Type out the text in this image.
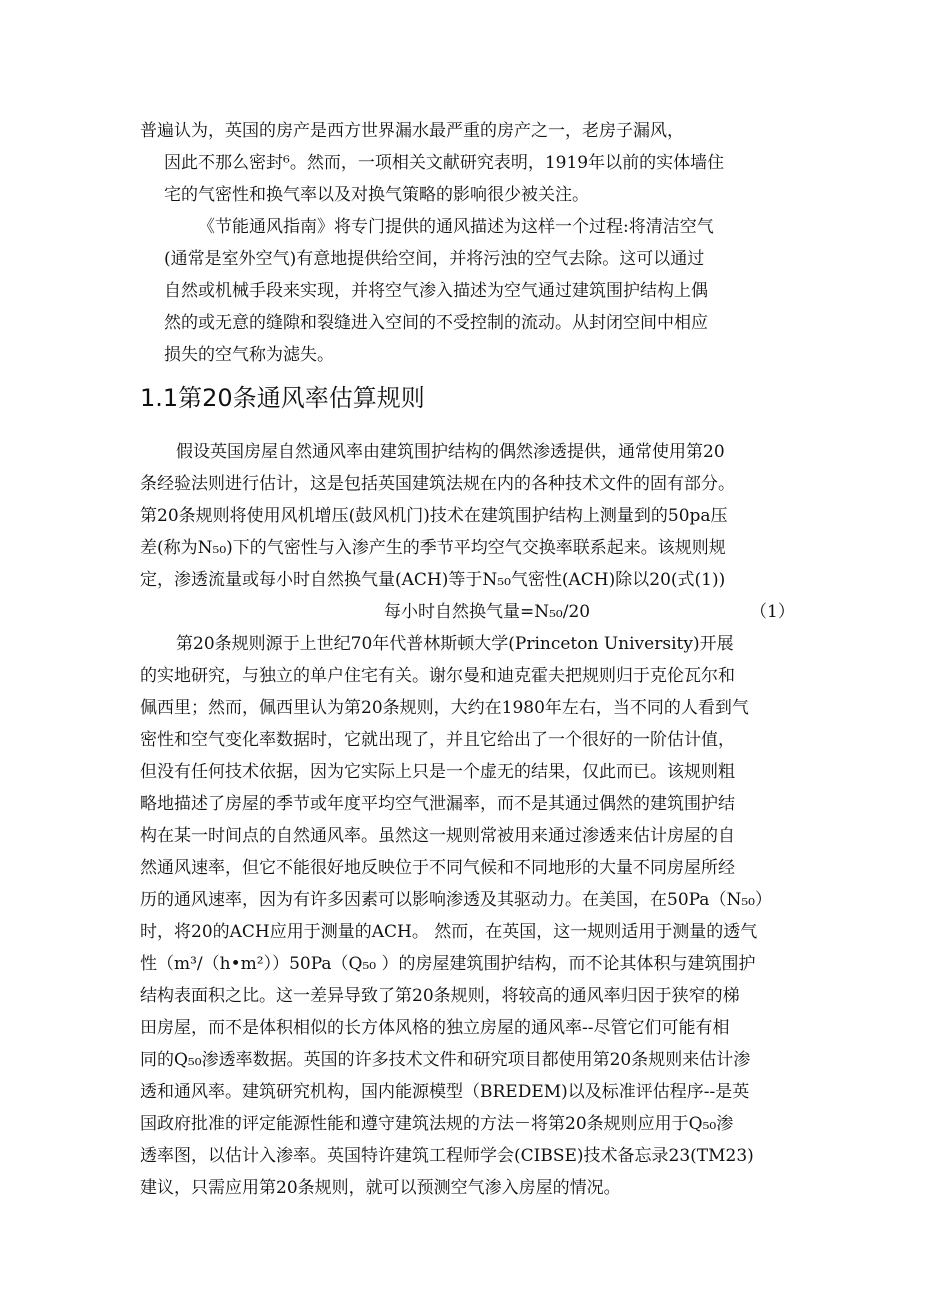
普遍认为，英国的房产是西方世界漏水最严重的房产之一，老房子漏风，
因此不那么密封⁶。然而，一项相关文献研究表明，1919年以前的实体墙住
宅的气密性和换气率以及对换气策略的影响很少被关注。
《节能通风指南》将专门提供的通风描述为这样一个过程:将清洁空气
(通常是室外空气)有意地提供给空间，并将污浊的空气去除。这可以通过
自然或机械手段来实现，并将空气渗入描述为空气通过建筑围护结构上偶
然的或无意的缝隙和裂缝进入空间的不受控制的流动。从封闭空间中相应
损失的空气称为滤失。
1.1第20条通风率估算规则
假设英国房屋自然通风率由建筑围护结构的偶然渗透提供，通常使用第20
条经验法则进行估计，这是包括英国建筑法规在内的各种技术文件的固有部分。
第20条规则将使用风机增压(鼓风机门)技术在建筑围护结构上测量到的50pa压
差(称为N₅₀)下的气密性与入渗产生的季节平均空气交换率联系起来。该规则规
定，渗透流量或每小时自然换气量(ACH)等于N₅₀气密性(ACH)除以20(式(1))
每小时自然换气量=N₅₀/20	（1）
第20条规则源于上世纪70年代普林斯顿大学(Princeton University)开展
的实地研究，与独立的单户住宅有关。谢尔曼和迪克霍夫把规则归于克伦瓦尔和
佩西里；然而，佩西里认为第20条规则，大约在1980年左右，当不同的人看到气
密性和空气变化率数据时，它就出现了，并且它给出了一个很好的一阶估计值，
但没有任何技术依据，因为它实际上只是一个虚无的结果，仅此而已。该规则粗
略地描述了房屋的季节或年度平均空气泄漏率，而不是其通过偶然的建筑围护结
构在某一时间点的自然通风率。虽然这一规则常被用来通过渗透来估计房屋的自
然通风速率，但它不能很好地反映位于不同气候和不同地形的大量不同房屋所经
历的通风速率，因为有许多因素可以影响渗透及其驱动力。在美国，在50Pa（N₅₀）
时，将20的ACH应用于测量的ACH。 然而，在英国，这一规则适用于测量的透气
性（m³/（h•m²））50Pa（Q₅₀ ）的房屋建筑围护结构，而不论其体积与建筑围护
结构表面积之比。这一差异导致了第20条规则，将较高的通风率归因于狭窄的梯
田房屋，而不是体积相似的长方体风格的独立房屋的通风率--尽管它们可能有相
同的Q₅₀渗透率数据。英国的许多技术文件和研究项目都使用第20条规则来估计渗
透和通风率。建筑研究机构，国内能源模型（BREDEM)以及标准评估程序--是英
国政府批准的评定能源性能和遵守建筑法规的方法－将第20条规则应用于Q₅₀渗
透率图，以估计入渗率。英国特许建筑工程师学会(CIBSE)技术备忘录23(TM23)
建议，只需应用第20条规则，就可以预测空气渗入房屋的情况。
